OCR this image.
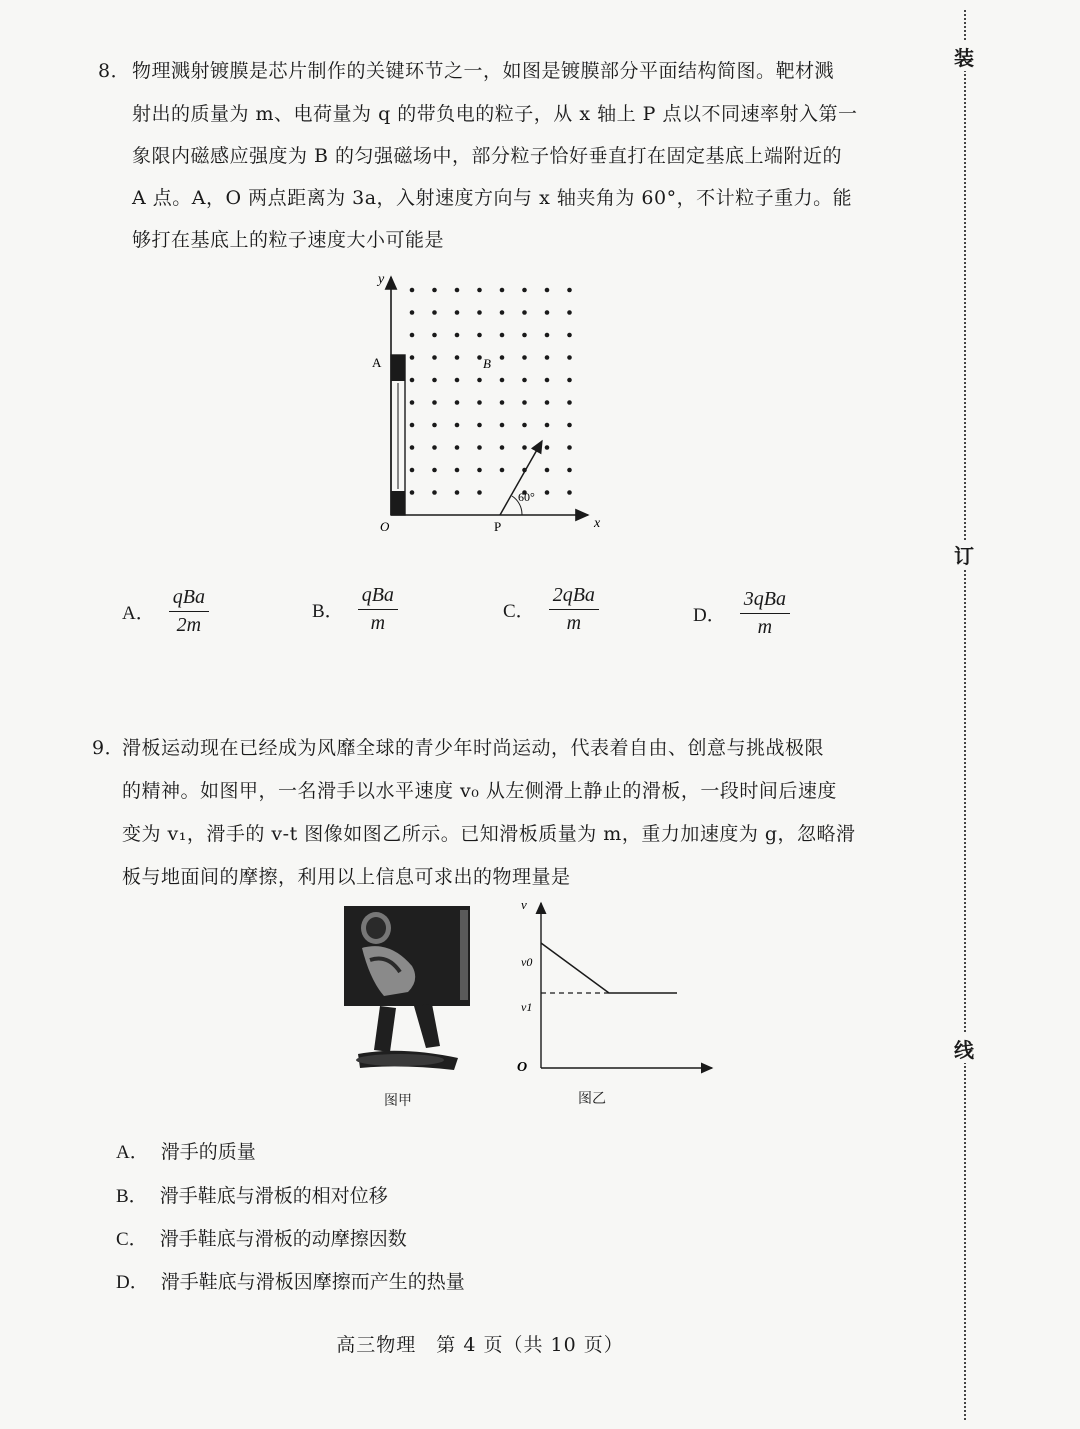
装
订
线
8． 物理溅射镀膜是芯片制作的关键环节之一，如图是镀膜部分平面结构简图。靶材溅
射出的质量为 m、电荷量为 q 的带负电的粒子，从 x 轴上 P 点以不同速率射入第一
象限内磁感应强度为 B 的匀强磁场中，部分粒子恰好垂直打在固定基底上端附近的
A 点。A，O 两点距离为 3a，入射速度方向与 x 轴夹角为 60°，不计粒子重力。能
够打在基底上的粒子速度大小可能是
y
x
A
O	P
B
60°
A． $\frac{\text{qBa}}{2m}$	B． $\frac{\text{qBa}}{m}$	C． $\frac{\text{2qBa}}{m}$	D． $\frac{\text{3qBa}}{m}$
9．
滑板运动现在已经成为风靡全球的青少年时尚运动，代表着自由、创意与挑战极限
的精神。如图甲，一名滑手以水平速度 v₀ 从左侧滑上静止的滑板，一段时间后速度
变为 v₁，滑手的 v-t 图像如图乙所示。已知滑板质量为 m，重力加速度为 g，忽略滑
板与地面间的摩擦，利用以上信息可求出的物理量是
图甲
v
v0
v1
O
图乙
A． 滑手的质量
B． 滑手鞋底与滑板的相对位移
C． 滑手鞋底与滑板的动摩擦因数
D． 滑手鞋底与滑板因摩擦而产生的热量
高三物理　第 4 页（共 10 页）
